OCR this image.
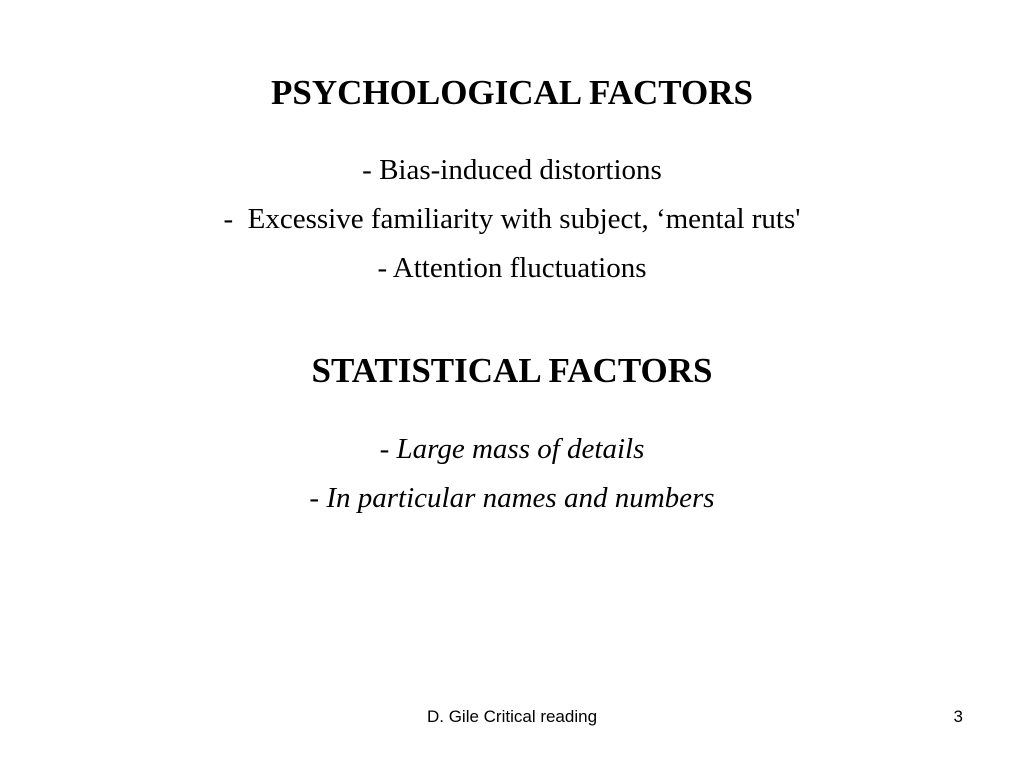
PSYCHOLOGICAL FACTORS
- Bias-induced distortions
-  Excessive familiarity with subject, ‘mental ruts'
- Attention fluctuations
STATISTICAL FACTORS
- Large mass of details
- In particular names and numbers
D. Gile Critical reading	3
